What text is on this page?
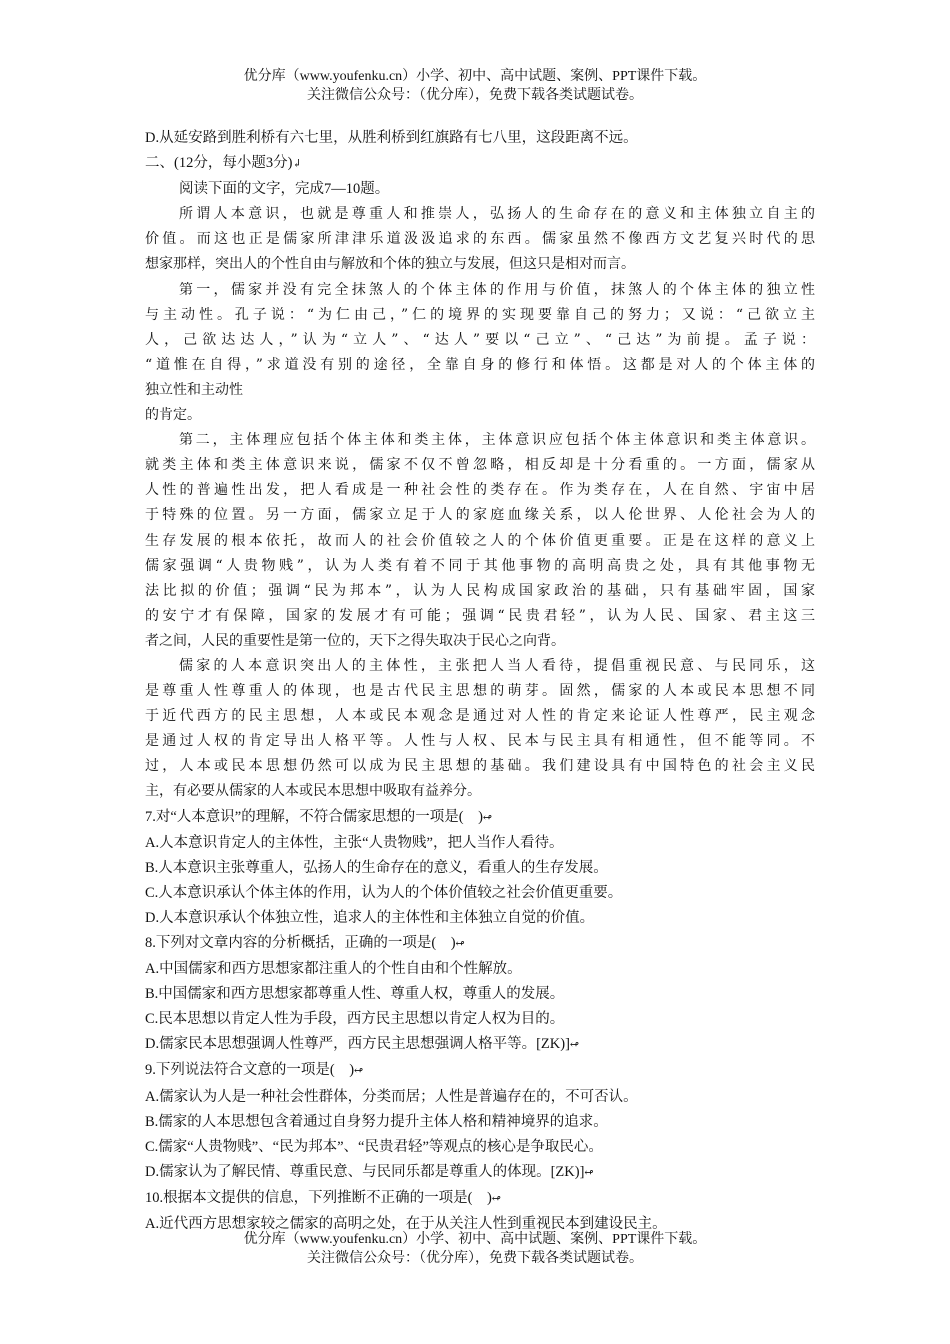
优分库（www.youfenku.cn）小学、初中、高中试题、案例、PPT课件下载。
关注微信公众号：（优分库），免费下载各类试题试卷。
D.从延安路到胜利桥有六七里，从胜利桥到红旗路有七八里，这段距离不远。
二、(12分，每小题3分)↲
阅读下面的文字，完成7—10题。
所谓人本意识，也就是尊重人和推崇人，弘扬人的生命存在的意义和主体独立自主的
价值。而这也正是儒家所津津乐道汲汲追求的东西。儒家虽然不像西方文艺复兴时代的思
想家那样，突出人的个性自由与解放和个体的独立与发展，但这只是相对而言。
第一，儒家并没有完全抹煞人的个体主体的作用与价值，抹煞人的个体主体的独立性
与主动性。孔子说：“为仁由己，”仁的境界的实现要靠自己的努力；又说：“己欲立主
人，己欲达达人，”认为“立人”、“达人”要以“己立”、“己达”为前提。孟子说：
“道惟在自得，”求道没有别的途径，全靠自身的修行和体悟。这都是对人的个体主体的
独立性和主动性
的肯定。
第二，主体理应包括个体主体和类主体，主体意识应包括个体主体意识和类主体意识。
就类主体和类主体意识来说，儒家不仅不曾忽略，相反却是十分看重的。一方面，儒家从
人性的普遍性出发，把人看成是一种社会性的类存在。作为类存在，人在自然、宇宙中居
于特殊的位置。另一方面，儒家立足于人的家庭血缘关系，以人伦世界、人伦社会为人的
生存发展的根本依托，故而人的社会价值较之人的个体价值更重要。正是在这样的意义上
儒家强调“人贵物贱”，认为人类有着不同于其他事物的高明高贵之处，具有其他事物无
法比拟的价值；强调“民为邦本”，认为人民构成国家政治的基础，只有基础牢固，国家
的安宁才有保障，国家的发展才有可能；强调“民贵君轻”，认为人民、国家、君主这三
者之间，人民的重要性是第一位的，天下之得失取决于民心之向背。
儒家的人本意识突出人的主体性，主张把人当人看待，提倡重视民意、与民同乐，这
是尊重人性尊重人的体现，也是古代民主思想的萌芽。固然，儒家的人本或民本思想不同
于近代西方的民主思想，人本或民本观念是通过对人性的肯定来论证人性尊严，民主观念
是通过人权的肯定导出人格平等。人性与人权、民本与民主具有相通性，但不能等同。不
过，人本或民本思想仍然可以成为民主思想的基础。我们建设具有中国特色的社会主义民
主，有必要从儒家的人本或民本思想中吸取有益养分。
7.对“人本意识”的理解，不符合儒家思想的一项是(　)↫
A.人本意识肯定人的主体性，主张“人贵物贱”，把人当作人看待。
B.人本意识主张尊重人，弘扬人的生命存在的意义，看重人的生存发展。
C.人本意识承认个体主体的作用，认为人的个体价值较之社会价值更重要。
D.人本意识承认个体独立性，追求人的主体性和主体独立自觉的价值。
8.下列对文章内容的分析概括，正确的一项是(　)↫
A.中国儒家和西方思想家都注重人的个性自由和个性解放。
B.中国儒家和西方思想家都尊重人性、尊重人权，尊重人的发展。
C.民本思想以肯定人性为手段，西方民主思想以肯定人权为目的。
D.儒家民本思想强调人性尊严，西方民主思想强调人格平等。[ZK)]↫
9.下列说法符合文意的一项是(　)↫
A.儒家认为人是一种社会性群体，分类而居；人性是普遍存在的，不可否认。
B.儒家的人本思想包含着通过自身努力提升主体人格和精神境界的追求。
C.儒家“人贵物贱”、“民为邦本”、“民贵君轻”等观点的核心是争取民心。
D.儒家认为了解民情、尊重民意、与民同乐都是尊重人的体现。[ZK)]↫
10.根据本文提供的信息，下列推断不正确的一项是(　)↫
A.近代西方思想家较之儒家的高明之处，在于从关注人性到重视民本到建设民主。
优分库（www.youfenku.cn）小学、初中、高中试题、案例、PPT课件下载。
关注微信公众号：（优分库），免费下载各类试题试卷。
